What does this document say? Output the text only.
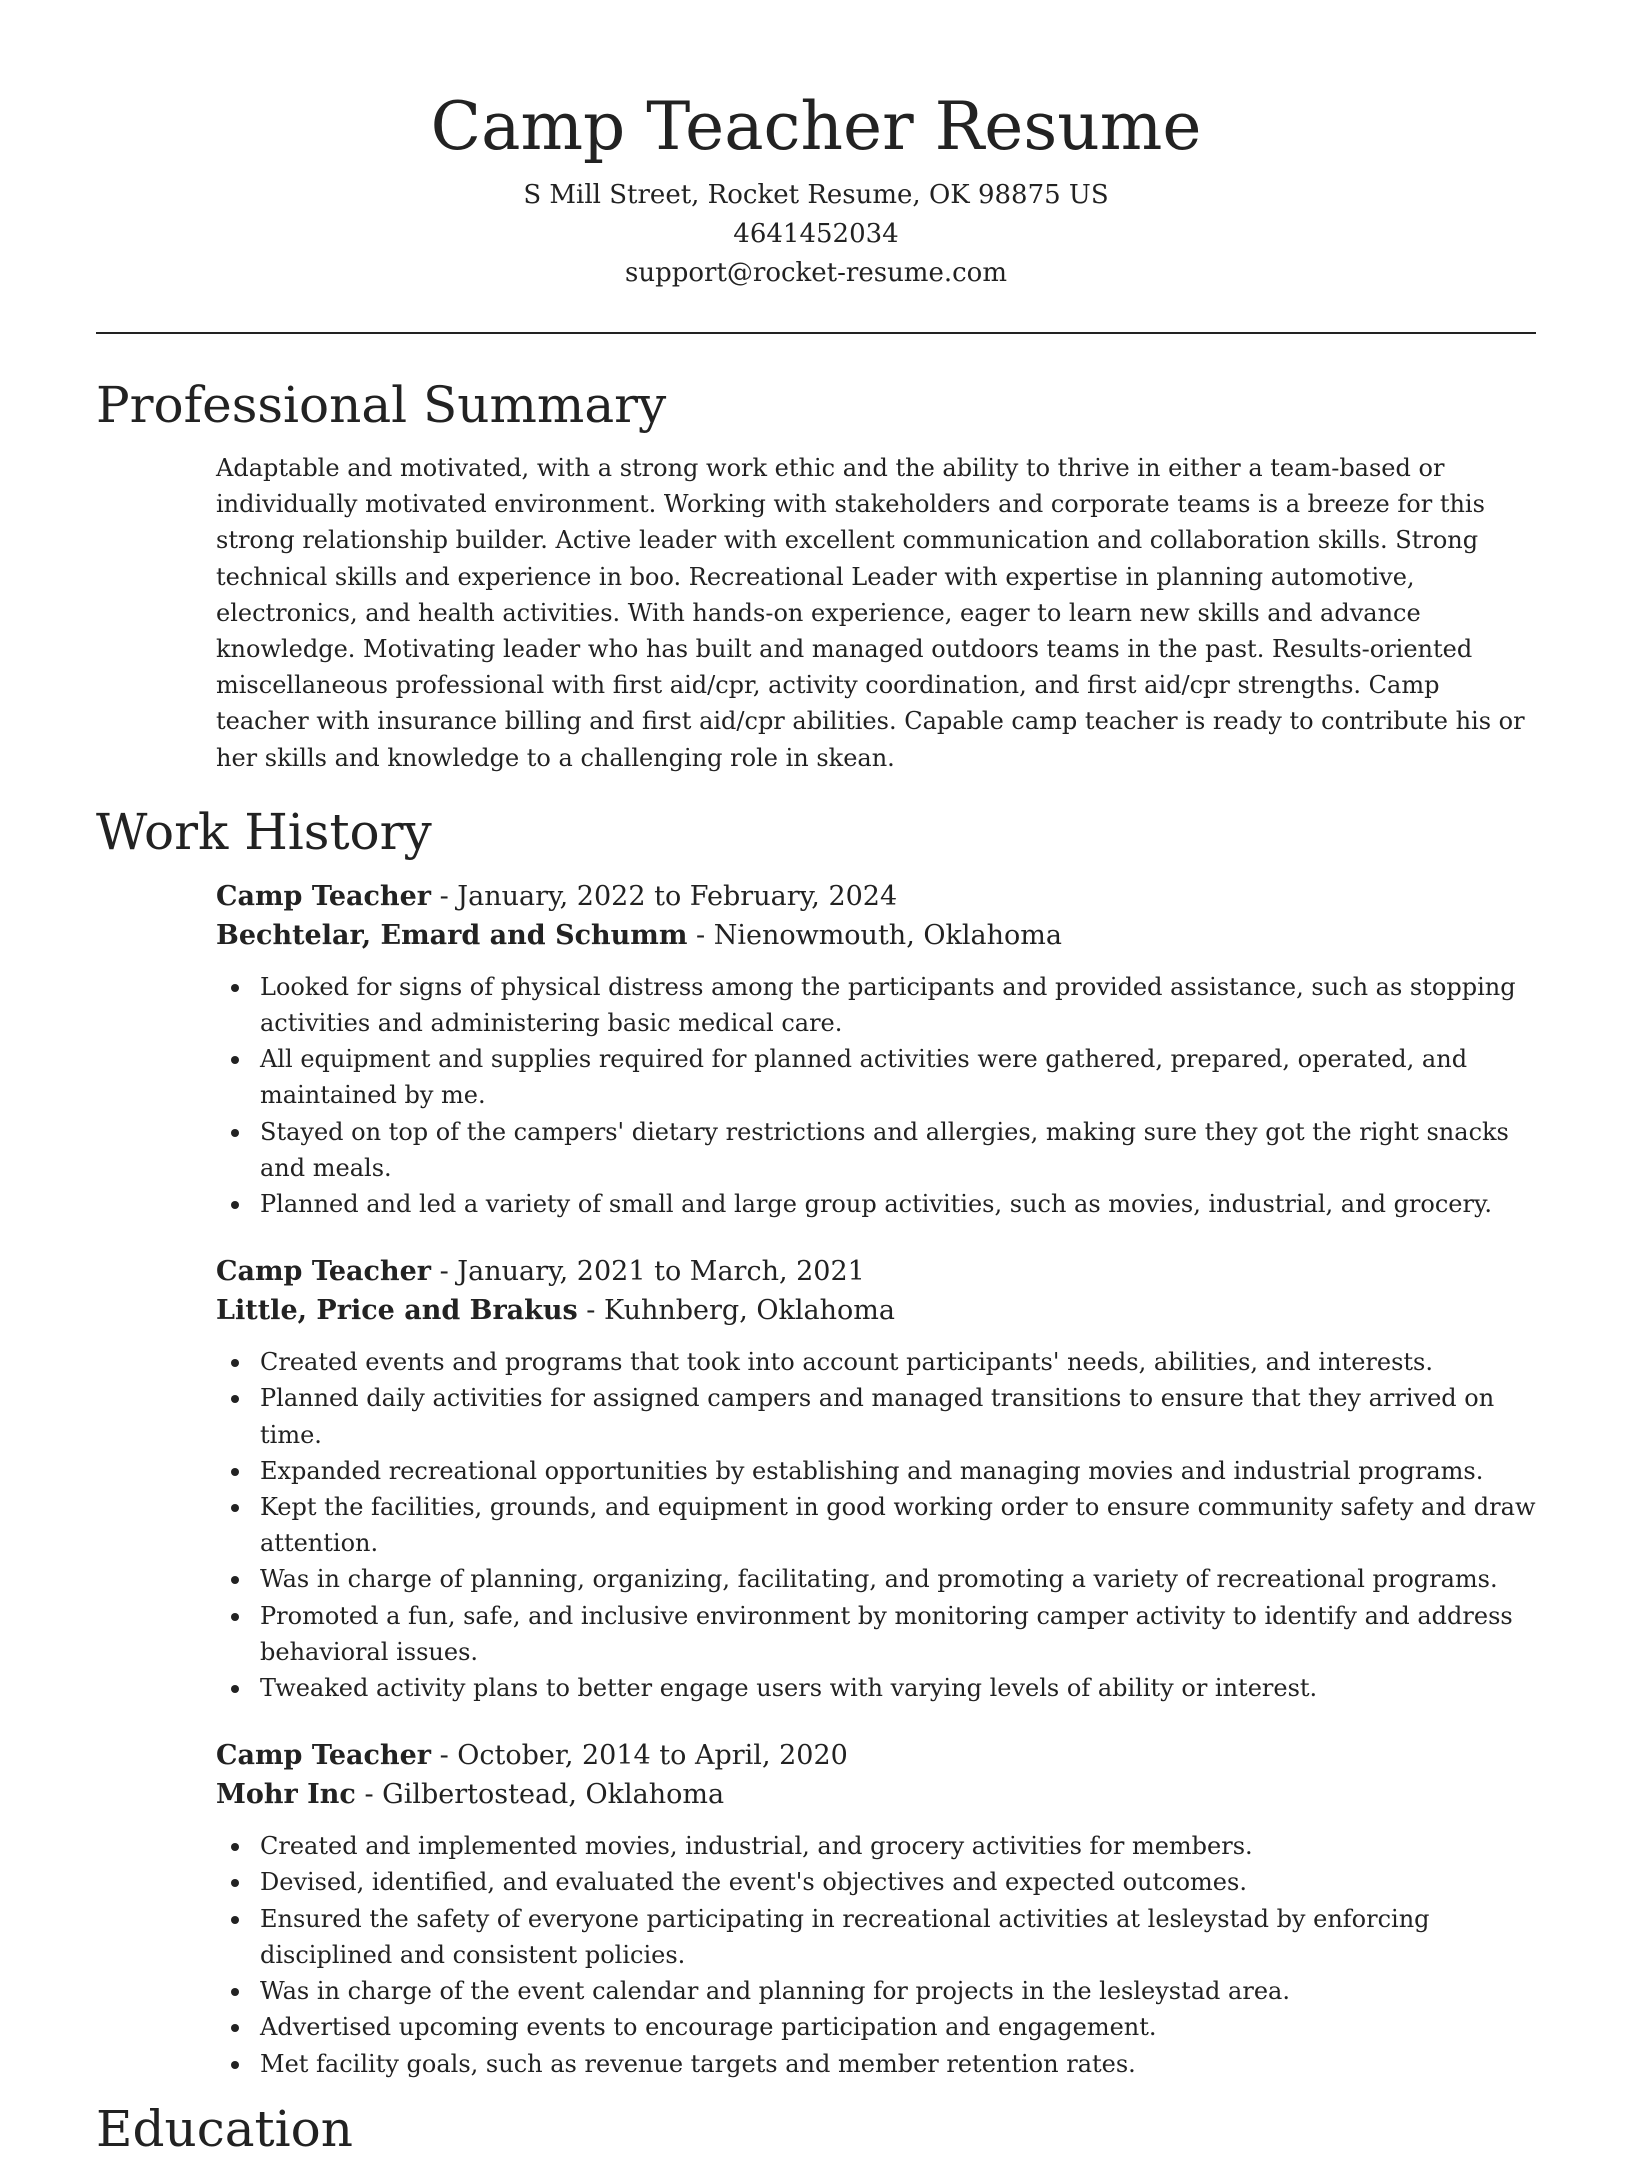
Camp Teacher Resume

S Mill Street, Rocket Resume, OK 98875 US

4641452034

support@rocket-resume.com

Professional Summary

Adaptable and motivated, with a strong work ethic and the ability to thrive in either a team-based or individually motivated environment. Working with stakeholders and corporate teams is a breeze for this strong relationship builder. Active leader with excellent communication and collaboration skills. Strong technical skills and experience in boo. Recreational Leader with expertise in planning automotive, electronics, and health activities. With hands-on experience, eager to learn new skills and advance knowledge. Motivating leader who has built and managed outdoors teams in the past. Results-oriented miscellaneous professional with first aid/cpr, activity coordination, and first aid/cpr strengths. Camp teacher with insurance billing and first aid/cpr abilities. Capable camp teacher is ready to contribute his or her skills and knowledge to a challenging role in skean.

Work History

Camp Teacher - January, 2022 to February, 2024

Bechtelar, Emard and Schumm - Nienowmouth, Oklahoma

Looked for signs of physical distress among the participants and provided assistance, such as stopping activities and administering basic medical care.
All equipment and supplies required for planned activities were gathered, prepared, operated, and maintained by me.
Stayed on top of the campers' dietary restrictions and allergies, making sure they got the right snacks and meals.
Planned and led a variety of small and large group activities, such as movies, industrial, and grocery.

Camp Teacher - January, 2021 to March, 2021

Little, Price and Brakus - Kuhnberg, Oklahoma

Created events and programs that took into account participants' needs, abilities, and interests.
Planned daily activities for assigned campers and managed transitions to ensure that they arrived on time.
Expanded recreational opportunities by establishing and managing movies and industrial programs.
Kept the facilities, grounds, and equipment in good working order to ensure community safety and draw attention.
Was in charge of planning, organizing, facilitating, and promoting a variety of recreational programs.
Promoted a fun, safe, and inclusive environment by monitoring camper activity to identify and address behavioral issues.
Tweaked activity plans to better engage users with varying levels of ability or interest.

Camp Teacher - October, 2014 to April, 2020

Mohr Inc - Gilbertostead, Oklahoma

Created and implemented movies, industrial, and grocery activities for members.
Devised, identified, and evaluated the event's objectives and expected outcomes.
Ensured the safety of everyone participating in recreational activities at lesleystad by enforcing disciplined and consistent policies.
Was in charge of the event calendar and planning for projects in the lesleystad area.
Advertised upcoming events to encourage participation and engagement.
Met facility goals, such as revenue targets and member retention rates.
Education
